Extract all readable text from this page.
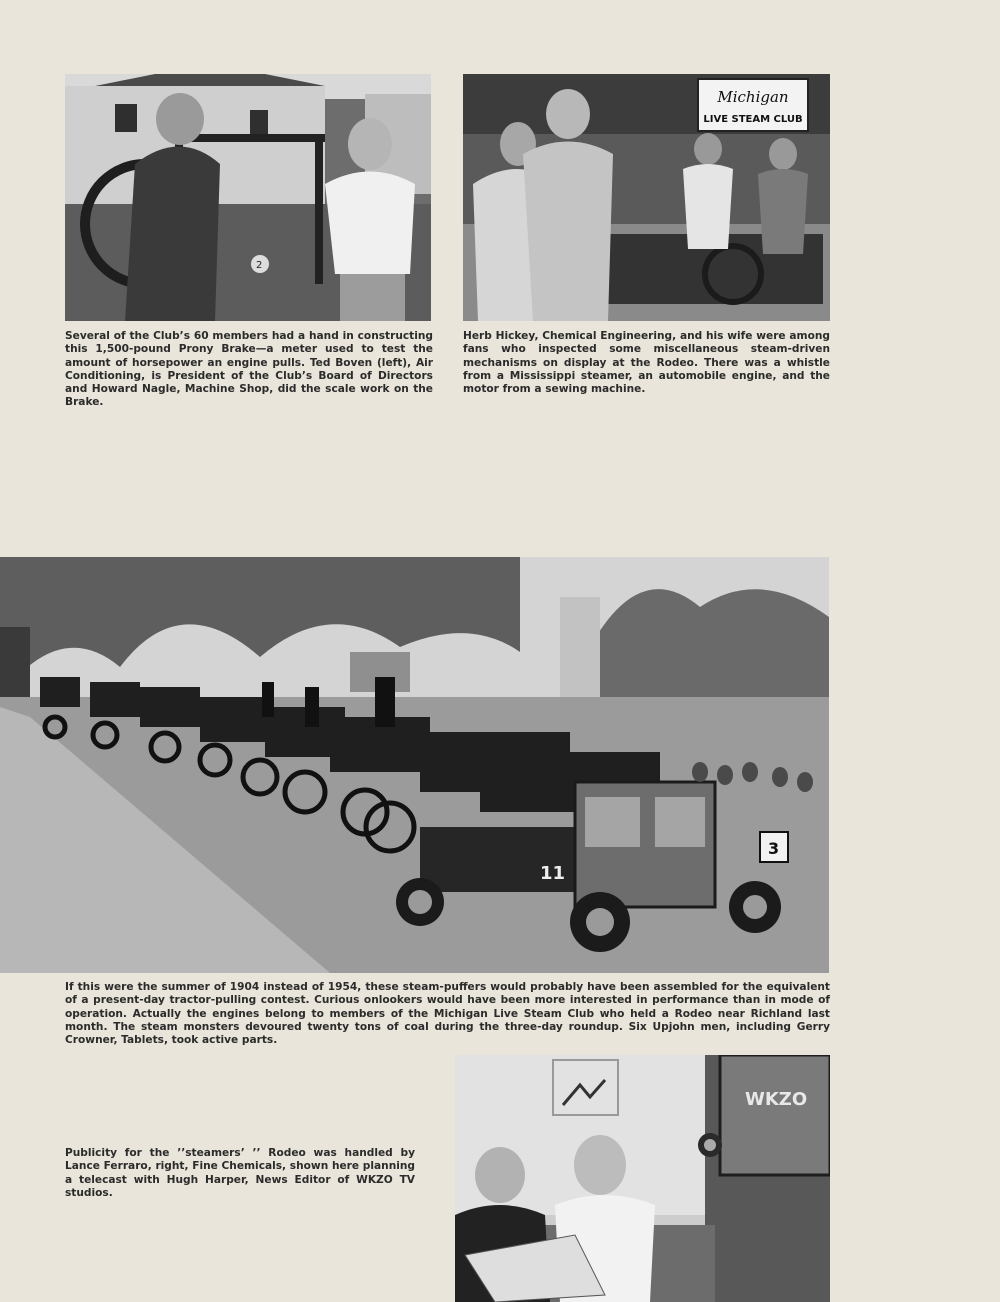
2
Michigan
LIVE STEAM CLUB

Several of the Club’s 60 members had a hand in constructing this 1,500-pound Prony Brake—a meter used to test the amount of horsepower an engine pulls. Ted Boven (left), Air Conditioning, is President of the Club’s Board of Directors and Howard Nagle, Machine Shop, did the scale work on the Brake.

Herb Hickey, Chemical Engineering, and his wife were among fans who inspected some miscellaneous steam-driven mechanisms on display at the Rodeo. There was a whistle from a Mississippi steamer, an automobile engine, and the motor from a sewing machine.

11
3

If this were the summer of 1904 instead of 1954, these steam-puffers would probably have been assembled for the equivalent of a present-day tractor-pulling contest. Curious onlookers would have been more interested in performance than in mode of operation. Actually the engines belong to members of the Michigan Live Steam Club who held a Rodeo near Richland last month. The steam monsters devoured twenty tons of coal during the three-day roundup. Six Upjohn men, including Gerry Crowner, Tablets, took active parts.

Publicity for the ’’steamers’ ’’ Rodeo was handled by Lance Ferraro, right, Fine Chemicals, shown here planning a telecast with Hugh Harper, News Editor of WKZO TV studios.

WKZO
